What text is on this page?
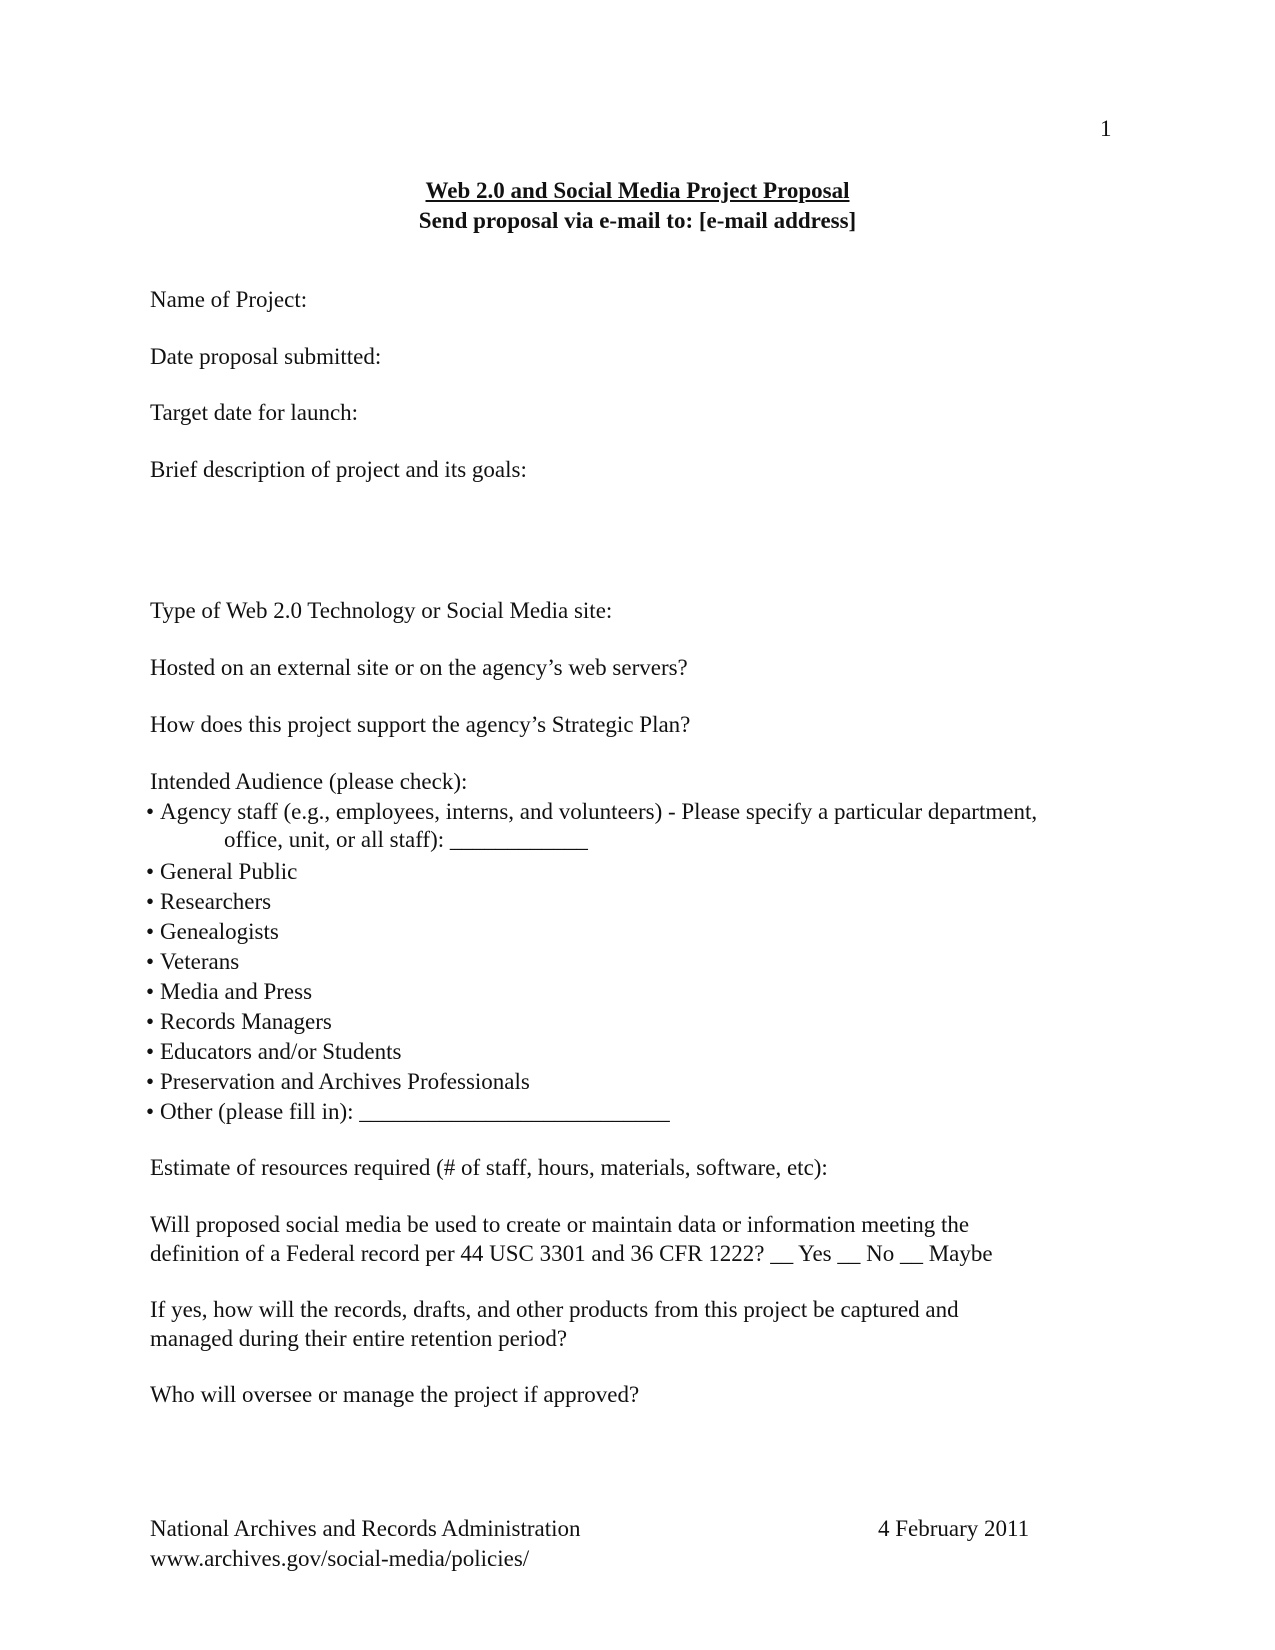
1
Web 2.0 and Social Media Project Proposal
Send proposal via e-mail to: [e-mail address]
Name of Project:
Date proposal submitted:
Target date for launch:
Brief description of project and its goals:
Type of Web 2.0 Technology or Social Media site:
Hosted on an external site or on the agency’s web servers?
How does this project support the agency’s Strategic Plan?
Intended Audience (please check):
• Agency staff (e.g., employees, interns, and volunteers) - Please specify a particular department,
office, unit, or all staff): ____________
• General Public
• Researchers
• Genealogists
• Veterans
• Media and Press
• Records Managers
• Educators and/or Students
• Preservation and Archives Professionals
• Other (please fill in): ___________________________
Estimate of resources required (# of staff, hours, materials, software, etc):
Will proposed social media be used to create or maintain data or information meeting the
definition of a Federal record per 44 USC 3301 and 36 CFR 1222? __ Yes __ No __ Maybe
If yes, how will the records, drafts, and other products from this project be captured and
managed during their entire retention period?
Who will oversee or manage the project if approved?
National Archives and Records Administration
www.archives.gov/social-media/policies/
4 February 2011
